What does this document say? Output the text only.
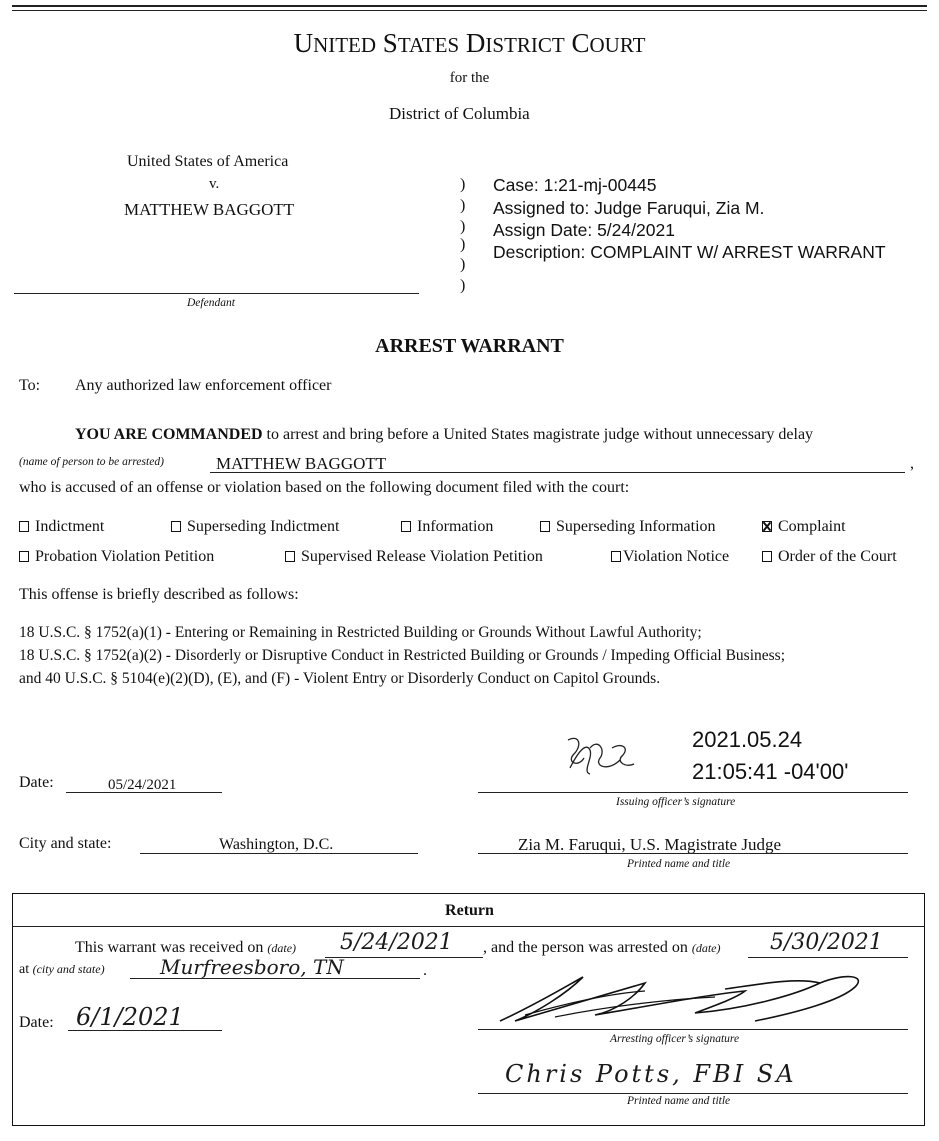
UNITED STATES DISTRICT COURT
for the
District of Columbia
United States of America
v.
MATTHEW BAGGOTT
Defendant
)
)
)
)
)
)
Case: 1:21-mj-00445
Assigned to: Judge Faruqui, Zia M.
Assign Date: 5/24/2021
Description: COMPLAINT W/ ARREST WARRANT
ARREST WARRANT
To: Any authorized law enforcement officer
YOU ARE COMMANDED to arrest and bring before a United States magistrate judge without unnecessary delay
(name of person to be arrested)	MATTHEW BAGGOTT	,
who is accused of an offense or violation based on the following document filed with the court:
Indictment	Superseding Indictment	Information	Superseding Information	Complaint
Probation Violation Petition	Supervised Release Violation Petition	Violation Notice	Order of the Court
This offense is briefly described as follows:
18 U.S.C. § 1752(a)(1) - Entering or Remaining in Restricted Building or Grounds Without Lawful Authority;
18 U.S.C. § 1752(a)(2) - Disorderly or Disruptive Conduct in Restricted Building or Grounds / Impeding Official Business;
and 40 U.S.C. § 5104(e)(2)(D), (E), and (F) - Violent Entry or Disorderly Conduct on Capitol Grounds.
2021.05.24
21:05:41 -04'00'
Issuing officer’s signature
Date:	05/24/2021
City and state:	Washington, D.C.	Zia M. Faruqui, U.S. Magistrate Judge
Printed name and title
Return
This warrant was received on (date) 5/24/2021 , and the person was arrested on (date) 5/30/2021
at (city and state)	Murfreesboro, TN	.
Date: 6/1/2021
Arresting officer’s signature
Chris Potts, FBI SA
Printed name and title
